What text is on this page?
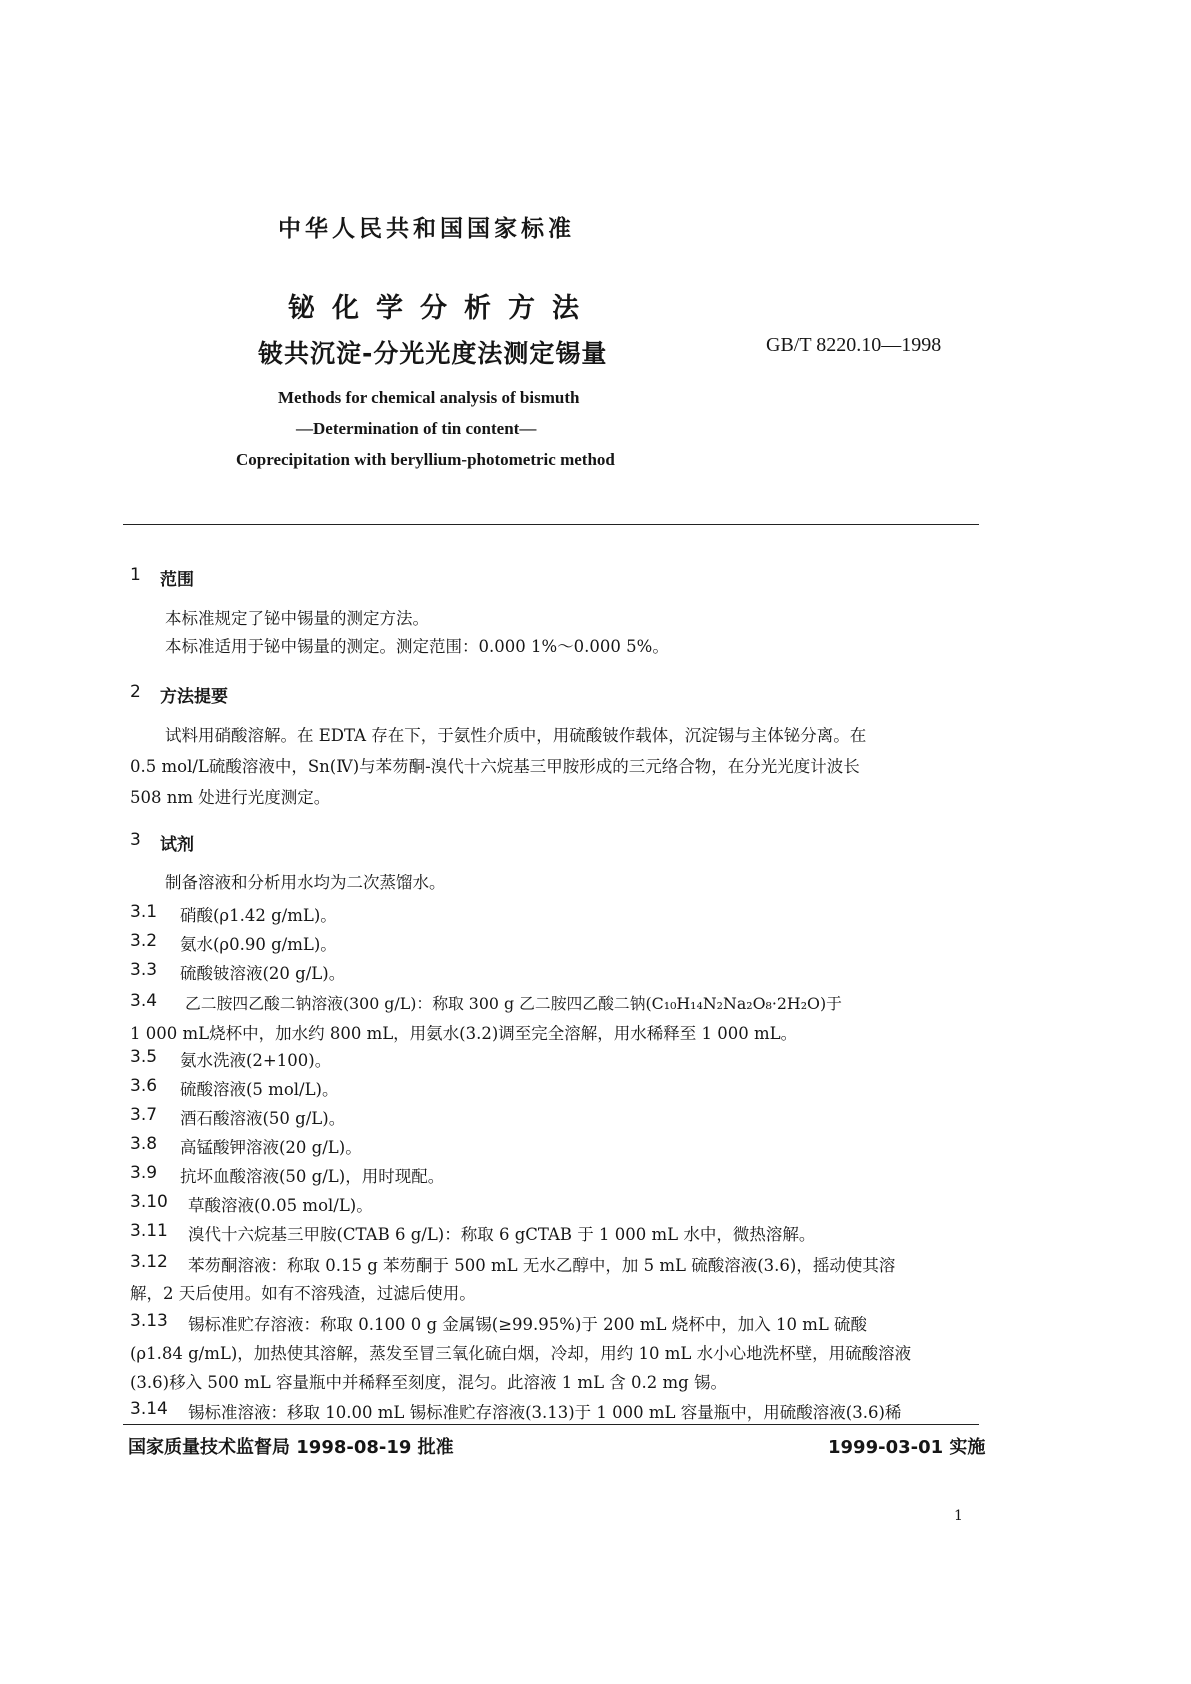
中华人民共和国国家标准
铋化学分析方法
铍共沉淀-分光光度法测定锡量	GB/T 8220.10—1998
Methods for chemical analysis of bismuth
—Determination of tin content—
Coprecipitation with beryllium-photometric method
1 范围
本标准规定了铋中锡量的测定方法。
本标准适用于铋中锡量的测定。测定范围：0.000 1%～0.000 5%。
2 方法提要
试料用硝酸溶解。在 EDTA 存在下，于氨性介质中，用硫酸铍作载体，沉淀锡与主体铋分离。在
0.5 mol/L硫酸溶液中，Sn(Ⅳ)与苯芴酮-溴代十六烷基三甲胺形成的三元络合物，在分光光度计波长
508 nm 处进行光度测定。
3 试剂
制备溶液和分析用水均为二次蒸馏水。
3.1 硝酸(ρ1.42 g/mL)。
3.2 氨水(ρ0.90 g/mL)。
3.3 硫酸铍溶液(20 g/L)。
3.4 乙二胺四乙酸二钠溶液(300 g/L)：称取 300 g 乙二胺四乙酸二钠(C₁₀H₁₄N₂Na₂O₈·2H₂O)于
1 000 mL烧杯中，加水约 800 mL，用氨水(3.2)调至完全溶解，用水稀释至 1 000 mL。
3.5 氨水洗液(2+100)。
3.6 硫酸溶液(5 mol/L)。
3.7 酒石酸溶液(50 g/L)。
3.8 高锰酸钾溶液(20 g/L)。
3.9 抗坏血酸溶液(50 g/L)，用时现配。
3.10 草酸溶液(0.05 mol/L)。
3.11 溴代十六烷基三甲胺(CTAB 6 g/L)：称取 6 gCTAB 于 1 000 mL 水中，微热溶解。
3.12 苯芴酮溶液：称取 0.15 g 苯芴酮于 500 mL 无水乙醇中，加 5 mL 硫酸溶液(3.6)，摇动使其溶
解，2 天后使用。如有不溶残渣，过滤后使用。
3.13 锡标准贮存溶液：称取 0.100 0 g 金属锡(≥99.95%)于 200 mL 烧杯中，加入 10 mL 硫酸
(ρ1.84 g/mL)，加热使其溶解，蒸发至冒三氧化硫白烟，冷却，用约 10 mL 水小心地洗杯壁，用硫酸溶液
(3.6)移入 500 mL 容量瓶中并稀释至刻度，混匀。此溶液 1 mL 含 0.2 mg 锡。
3.14 锡标准溶液：移取 10.00 mL 锡标准贮存溶液(3.13)于 1 000 mL 容量瓶中，用硫酸溶液(3.6)稀
国家质量技术监督局 1998-08-19 批准	1999-03-01 实施
1
